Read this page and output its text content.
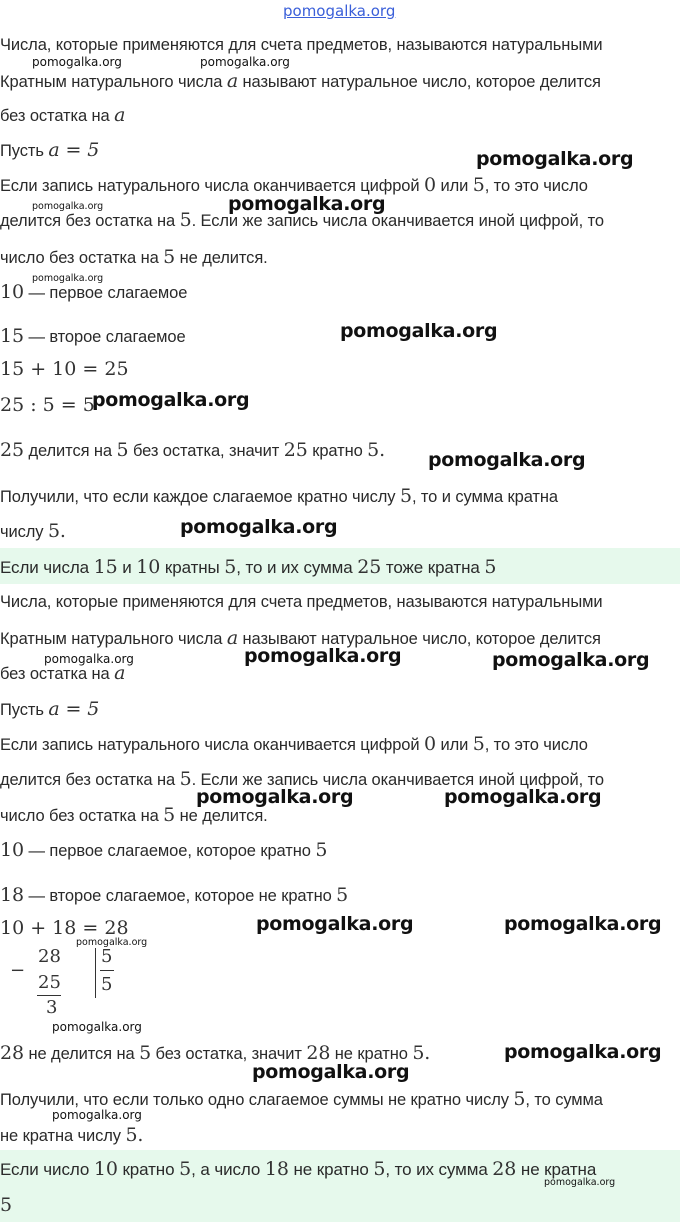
pomogalka.org
Числа, которые применяются для счета предметов, называются натуральными
Кратным натурального числа a называют натуральное число, которое делится
без остатка на a
Пусть a = 5
Если запись натурального числа оканчивается цифрой 0 или 5, то это число
делится без остатка на 5. Если же запись числа оканчивается иной цифрой, то
число без остатка на 5 не делится.
10 — первое слагаемое
15 — второе слагаемое
15 + 10 = 25
25 : 5 = 5
25 делится на 5 без остатка, значит 25 кратно 5.
Получили, что если каждое слагаемое кратно числу 5, то и сумма кратна
числу 5.
Если числа 15 и 10 кратны 5, то и их сумма 25 тоже кратна 5
Числа, которые применяются для счета предметов, называются натуральными
Кратным натурального числа a называют натуральное число, которое делится
без остатка на a
Пусть a = 5
Если запись натурального числа оканчивается цифрой 0 или 5, то это число
делится без остатка на 5. Если же запись числа оканчивается иной цифрой, то
число без остатка на 5 не делится.
10 — первое слагаемое, которое кратно 5
18 — второе слагаемое, которое не кратно 5
10 + 18 = 28
−
28
25
3
5
5
28 не делится на 5 без остатка, значит 28 не кратно 5.
Получили, что если только одно слагаемое суммы не кратно числу 5, то сумма
не кратна числу 5.
Если число 10 кратно 5, а число 18 не кратно 5, то их сумма 28 не кратна
5
pomogalka.org	pomogalka.org
pomogalka.org
pomogalka.org	pomogalka.org
pomogalka.org
pomogalka.org
pomogalka.org
pomogalka.org
pomogalka.org
pomogalka.org	pomogalka.org	pomogalka.org
pomogalka.org	pomogalka.org
pomogalka.org	pomogalka.org
pomogalka.org
pomogalka.org
pomogalka.org
pomogalka.org
pomogalka.org
pomogalka.org
